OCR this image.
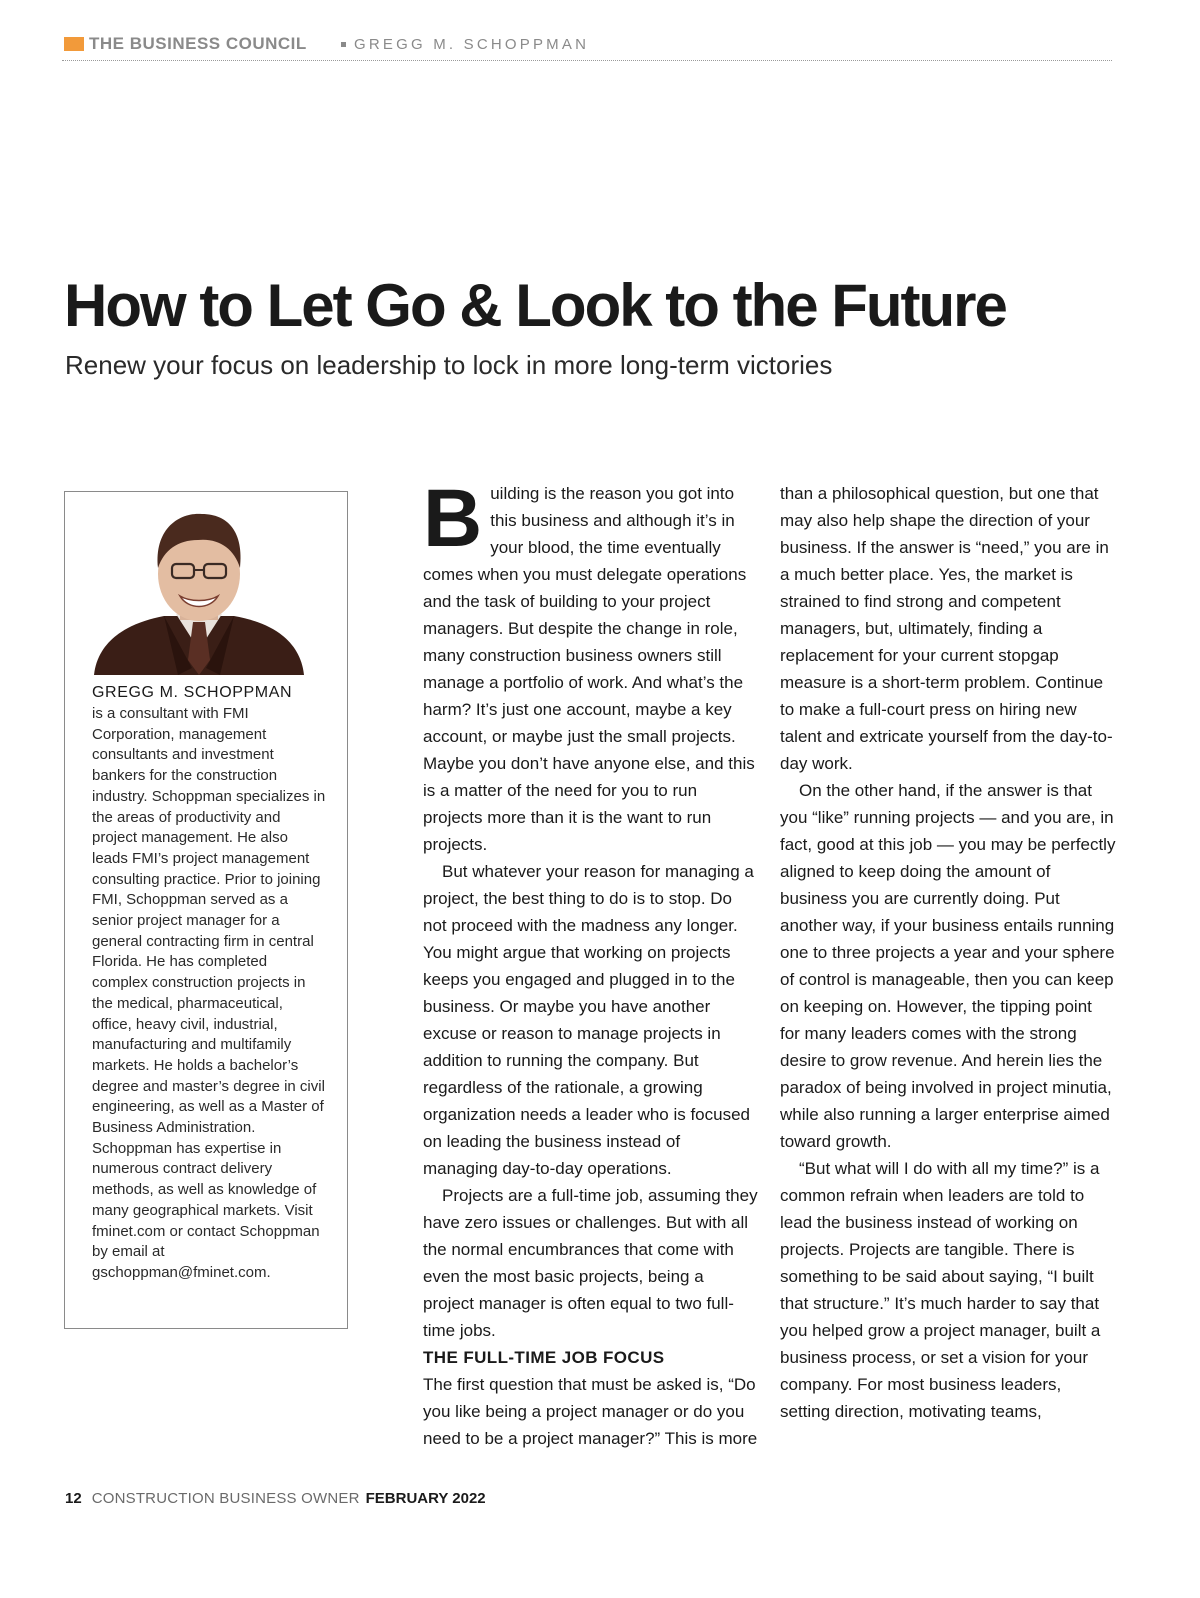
THE BUSINESS COUNCIL	GREGG M. SCHOPPMAN
How to Let Go & Look to the Future
Renew your focus on leadership to lock in more long-term victories
GREGG M. SCHOPPMAN

is a consultant with FMI Corporation, management consultants and investment bankers for the construction industry. Schoppman specializes in the areas of productivity and project management. He also leads FMI’s project management consulting practice. Prior to joining FMI, Schoppman served as a senior project manager for a general contracting firm in central Florida. He has completed complex construction projects in the medical, pharmaceutical, office, heavy civil, industrial, manufacturing and multifamily markets. He holds a bachelor’s degree and master’s degree in civil engineering, as well as a Master of Business Administration. Schoppman has expertise in numerous contract delivery methods, as well as knowledge of many geographical markets. Visit fminet.com or contact Schoppman by email at gschoppman@fminet.com.

Building is the reason you got into this business and although it’s in your blood, the time eventually comes when you must delegate operations and the task of building to your project managers. But despite the change in role, many construction business owners still manage a portfolio of work. And what’s the harm? It’s just one account, maybe a key account, or maybe just the small projects. Maybe you don’t have anyone else, and this is a matter of the need for you to run projects more than it is the want to run projects.

But whatever your reason for managing a project, the best thing to do is to stop. Do not proceed with the madness any longer. You might argue that working on projects keeps you engaged and plugged in to the business. Or maybe you have another excuse or reason to manage projects in addition to running the company. But regardless of the rationale, a growing organization needs a leader who is focused on leading the business instead of managing day-to-day operations.

Projects are a full-time job, assuming they have zero issues or challenges. But with all the normal encumbrances that come with even the most basic projects, being a project manager is often equal to two full-time jobs.

THE FULL-TIME JOB FOCUS

The first question that must be asked is, “Do you like being a project manager or do you need to be a project manager?” This is more

than a philosophical question, but one that may also help shape the direction of your business. If the answer is “need,” you are in a much better place. Yes, the market is strained to find strong and competent managers, but, ultimately, finding a replacement for your current stopgap measure is a short-term problem. Continue to make a full-court press on hiring new talent and extricate yourself from the day-to-day work.

On the other hand, if the answer is that you “like” running projects — and you are, in fact, good at this job — you may be perfectly aligned to keep doing the amount of business you are currently doing. Put another way, if your business entails running one to three projects a year and your sphere of control is manageable, then you can keep on keeping on. However, the tipping point for many leaders comes with the strong desire to grow revenue. And herein lies the paradox of being involved in project minutia, while also running a larger enterprise aimed toward growth.

“But what will I do with all my time?” is a common refrain when leaders are told to lead the business instead of working on projects. Projects are tangible. There is something to be said about saying, “I built that structure.” It’s much harder to say that you helped grow a project manager, built a business process, or set a vision for your company. For most business leaders, setting direction, motivating teams,

12 CONSTRUCTION BUSINESS OWNER FEBRUARY 2022
